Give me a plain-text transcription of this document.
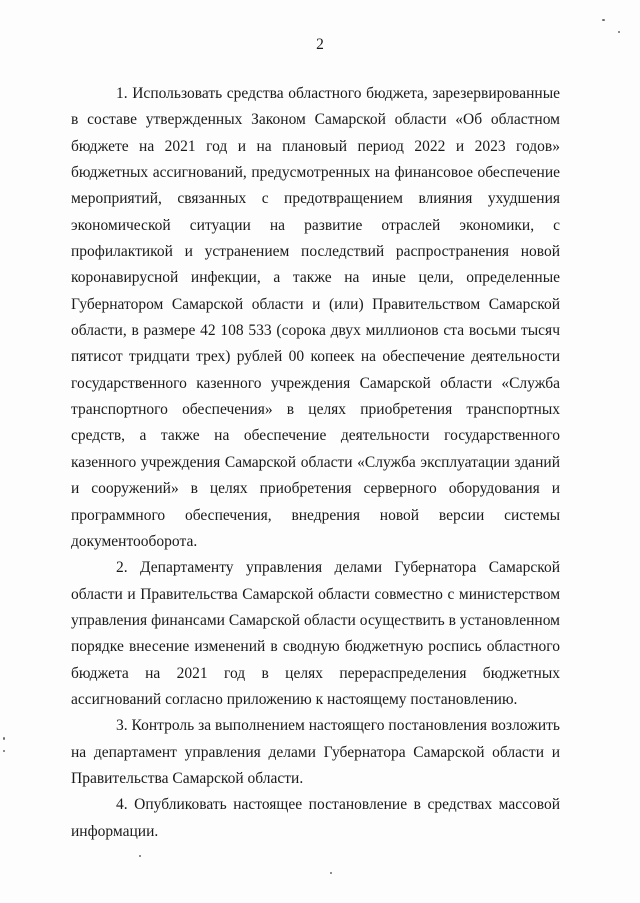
2

1. Использовать средства областного бюджета, зарезервированные в составе утвержденных Законом Самарской области «Об областном бюджете на 2021 год и на плановый период 2022 и 2023 годов» бюджетных ассигнований, предусмотренных на финансовое обеспечение мероприятий, связанных с предотвращением влияния ухудшения экономической ситуации на развитие отраслей экономики, с профилактикой и устранением последствий распространения новой коронавирусной инфекции, а также на иные цели, определенные Губернатором Самарской области и (или) Правительством Самарской области, в размере 42 108 533 (сорока двух миллионов ста восьми тысяч пятисот тридцати трех) рублей 00 копеек на обеспечение деятельности государственного казенного учреждения Самарской области «Служба транспортного обеспечения» в целях приобретения транспортных средств, а также на обеспечение деятельности государственного казенного учреждения Самарской области «Служба эксплуатации зданий и сооружений» в целях приобретения серверного оборудования и программного обеспечения, внедрения новой версии системы документооборота.

2. Департаменту управления делами Губернатора Самарской области и Правительства Самарской области совместно с министерством управления финансами Самарской области осуществить в установленном порядке внесение изменений в сводную бюджетную роспись областного бюджета на 2021 год в целях перераспределения бюджетных ассигнований согласно приложению к настоящему постановлению.

3. Контроль за выполнением настоящего постановления возложить на департамент управления делами Губернатора Самарской области и Правительства Самарской области.

4. Опубликовать настоящее постановление в средствах массовой информации.
